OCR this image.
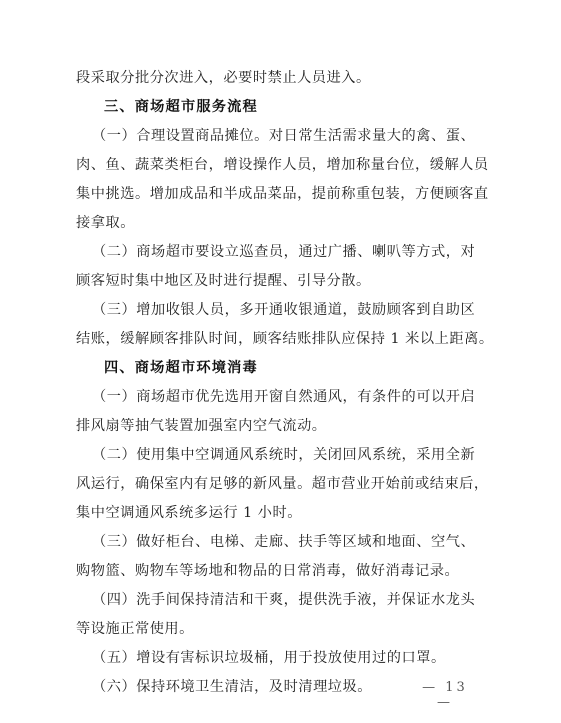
段采取分批分次进入，必要时禁止人员进入。
三、商场超市服务流程
（一）合理设置商品摊位。对日常生活需求量大的禽、蛋、
肉、鱼、蔬菜类柜台，增设操作人员，增加称量台位，缓解人员
集中挑选。增加成品和半成品菜品，提前称重包装，方便顾客直
接拿取。
（二）商场超市要设立巡查员，通过广播、喇叭等方式，对
顾客短时集中地区及时进行提醒、引导分散。
（三）增加收银人员，多开通收银通道，鼓励顾客到自助区
结账，缓解顾客排队时间，顾客结账排队应保持 1 米以上距离。
四、商场超市环境消毒
（一）商场超市优先选用开窗自然通风，有条件的可以开启
排风扇等抽气装置加强室内空气流动。
（二）使用集中空调通风系统时，关闭回风系统，采用全新
风运行，确保室内有足够的新风量。超市营业开始前或结束后，
集中空调通风系统多运行 1 小时。
（三）做好柜台、电梯、走廊、扶手等区域和地面、空气、
购物篮、购物车等场地和物品的日常消毒，做好消毒记录。
（四）洗手间保持清洁和干爽，提供洗手液，并保证水龙头
等设施正常使用。
（五）增设有害标识垃圾桶，用于投放使用过的口罩。
（六）保持环境卫生清洁，及时清理垃圾。	— 13 —
